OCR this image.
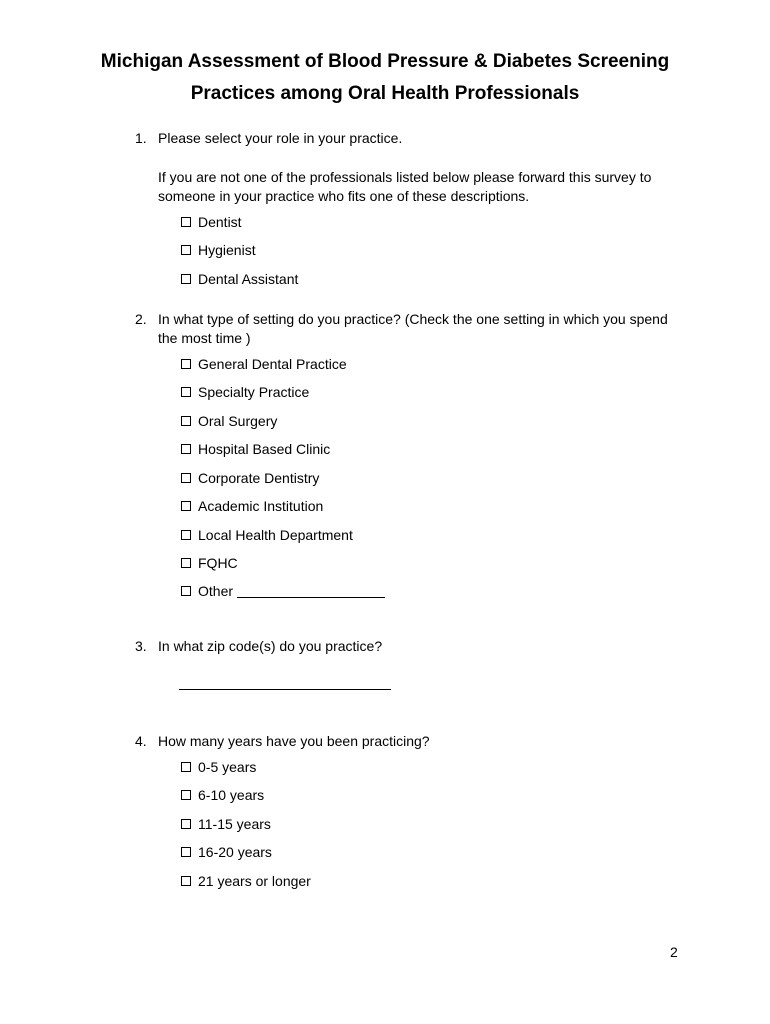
Michigan Assessment of Blood Pressure & Diabetes Screening
Practices among Oral Health Professionals
1. Please select your role in your practice.
If you are not one of the professionals listed below please forward this survey to someone in your practice who fits one of these descriptions.
Dentist
Hygienist
Dental Assistant
2. In what type of setting do you practice? (Check the one setting in which you spend the most time )
General Dental Practice
Specialty Practice
Oral Surgery
Hospital Based Clinic
Corporate Dentistry
Academic Institution
Local Health Department
FQHC
Other
3. In what zip code(s) do you practice?
4. How many years have you been practicing?
0-5 years
6-10 years
11-15 years
16-20 years
21 years or longer
2
